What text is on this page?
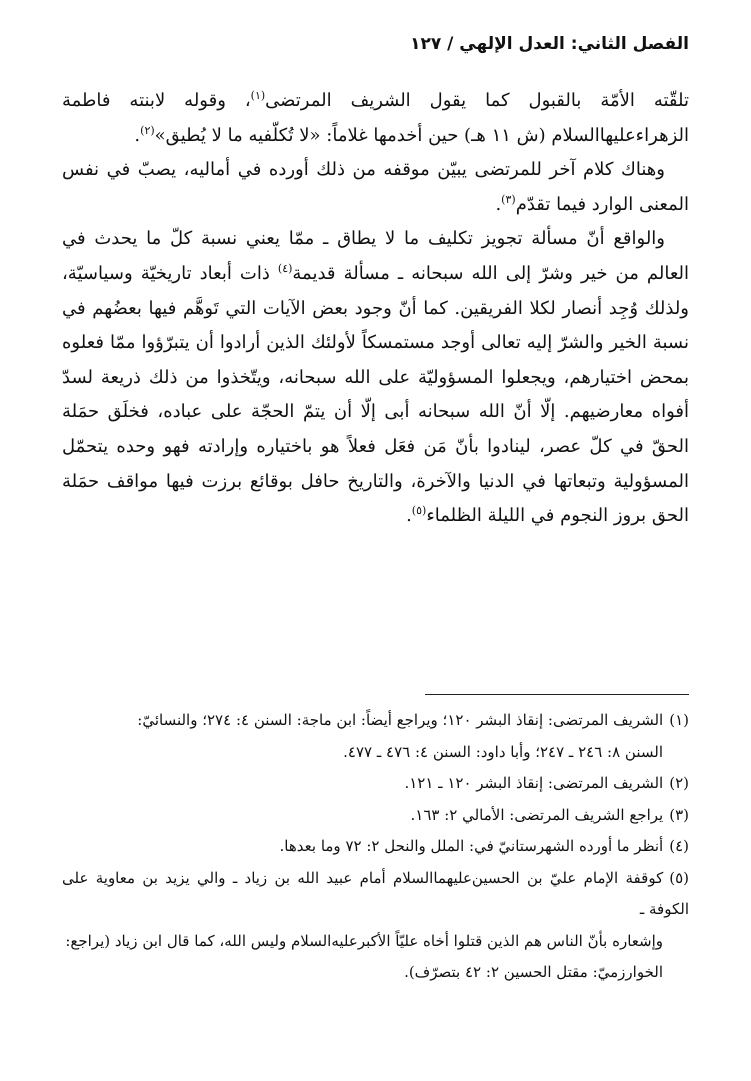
الفصل الثاني: العدل الإلهي / ١٢٧

تلقّته الأمّة بالقبول كما يقول الشريف المرتضى$^{(١)}$، وقوله لابنته فاطمة الزهراء‌عليها‌السلام (ش ١١ هـ) حين أخدمها غلاماً: «لا تُكلّفيه ما لا يُطيق»$^{(٢)}$.

وهناك كلام آخر للمرتضى يبيّن موقفه من ذلك أورده في أماليه، يصبّ في نفس المعنى الوارد فيما تقدّم$^{(٣)}$.

والواقع أنّ مسألة تجويز تكليف ما لا يطاق ـ ممّا يعني نسبة كلّ ما يحدث في العالم من خير وشرّ إلى الله سبحانه ـ مسألة قديمة$^{(٤)}$ ذات أبعاد تاريخيّة وسياسيّة، ولذلك وُجِد أنصار لكلا الفريقين. كما أنّ وجود بعض الآيات التي تَوهَّم فيها بعضُهم في نسبة الخير والشرّ إليه تعالى أوجد مستمسكاً لأولئك الذين أرادوا أن يتبرّؤوا ممّا فعلوه بمحض اختيارهم، ويجعلوا المسؤوليّة على الله سبحانه، ويتّخذوا من ذلك ذريعة لسدّ أفواه معارضيهم. إلّا أنّ الله سبحانه أبى إلّا أن يتمّ الحجّة على عباده، فخلَق حمَلة الحقّ في كلّ عصر، لينادوا بأنّ مَن فعَل فعلاً هو باختياره وإرادته فهو وحده يتحمّل المسؤولية وتبعاتها في الدنيا والآخرة، والتاريخ حافل بوقائع برزت فيها مواقف حمَلة الحق بروز النجوم في الليلة الظلماء$^{(٥)}$.

(١)الشريف المرتضى: إنقاذ البشر ١٢٠؛ ويراجع أيضاً: ابن ماجة: السنن ٤: ٢٧٤؛ والنسائيّ:
السنن ٨: ٢٤٦ ـ ٢٤٧؛ وأبا داود: السنن ٤: ٤٧٦ ـ ٤٧٧.
(٢)الشريف المرتضى: إنقاذ البشر ١٢٠ ـ ١٢١.
(٣)يراجع الشريف المرتضى: الأمالي ٢: ١٦٣.
(٤)أنظر ما أورده الشهرستانيّ في: الملل والنحل ٢: ٧٢ وما بعدها.
(٥)كوقفة الإمام عليّ بن الحسين‌عليهما‌السلام أمام عبيد الله بن زياد ـ والي يزيد بن معاوية على الكوفة ـ
وإشعاره بأنّ الناس هم الذين قتلوا أخاه عليّاً الأكبر‌عليه‌السلام وليس الله، كما قال ابن زياد (يراجع:
الخوارزميّ: مقتل الحسين ٢: ٤٢ بتصرّف).
